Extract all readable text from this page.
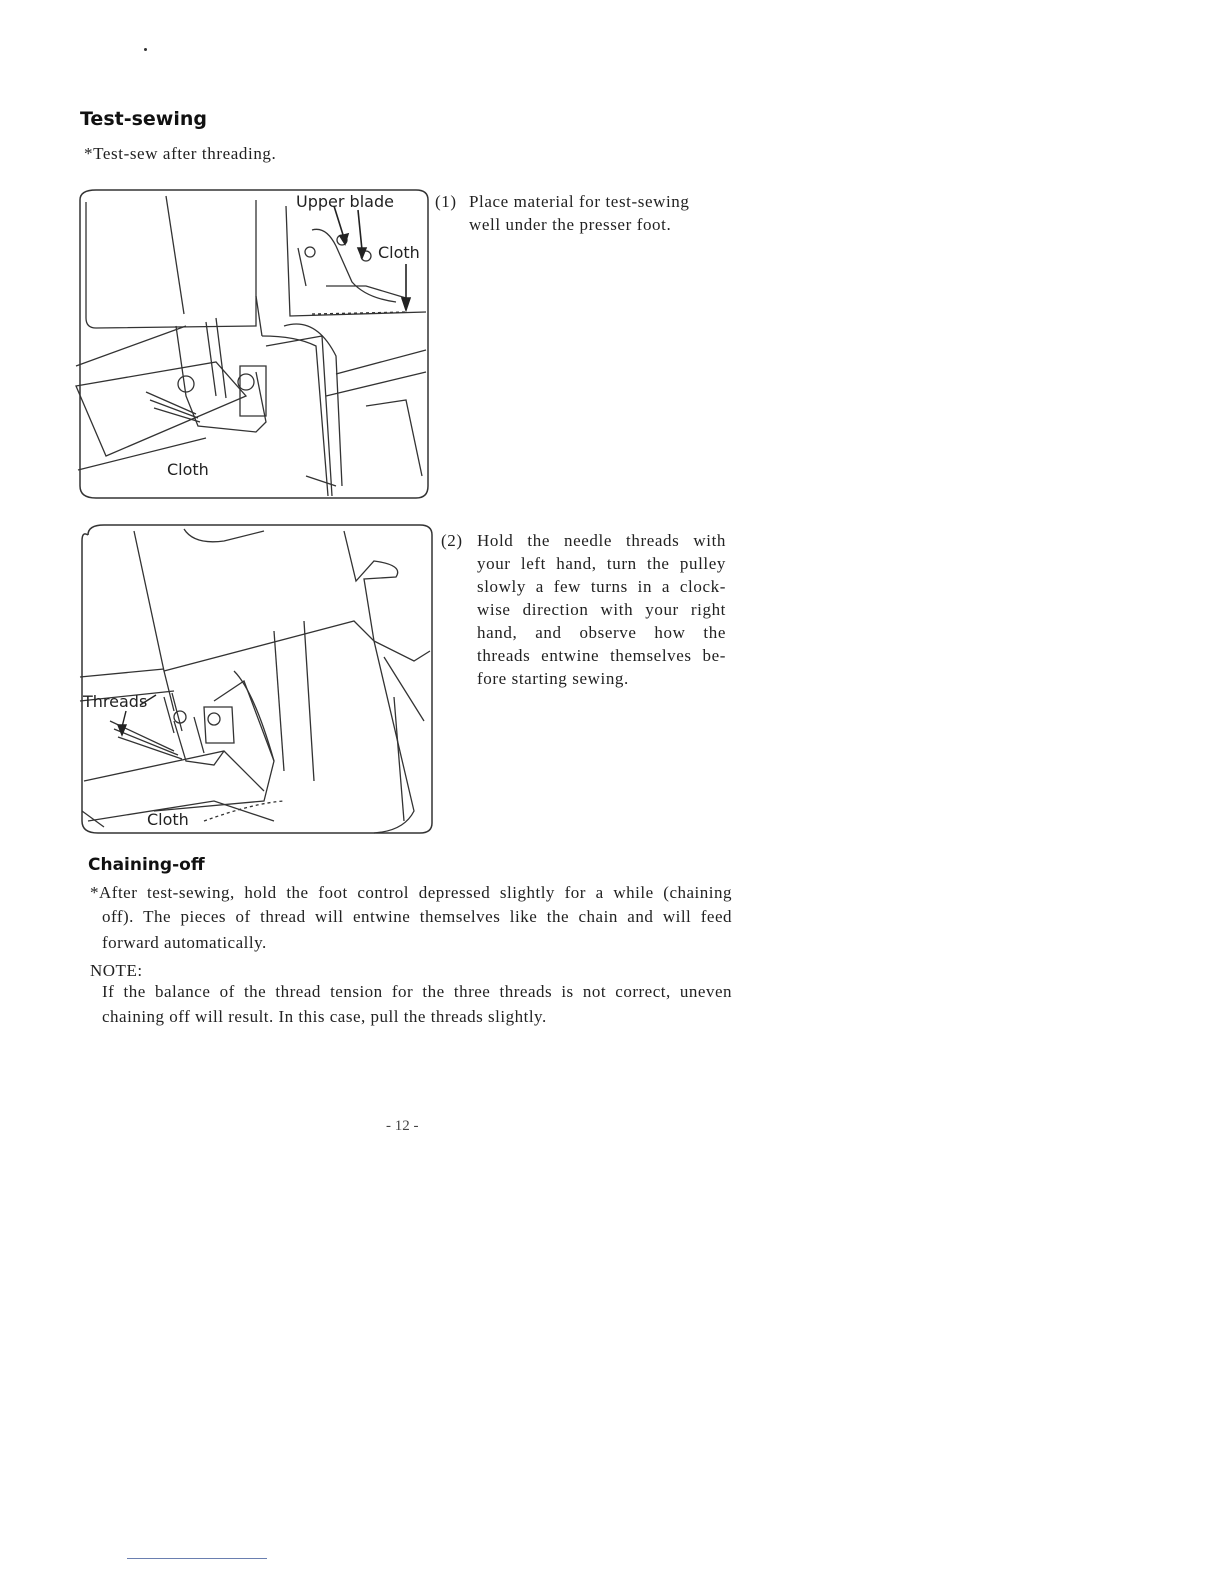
Test-sewing
*Test-sew after threading.
Upper blade
Cloth
Cloth
(1) Place material for test-sewing
well under the presser foot.
Threads
Cloth
(2) Hold the needle threads with
your left hand, turn the pulley
slowly a few turns in a clock-
wise direction with your right
hand, and observe how the
threads entwine themselves be-
fore starting sewing.
Chaining-off
*After test-sewing, hold the foot control depressed slightly for a while (chaining
off). The pieces of thread will entwine themselves like the chain and will feed
forward automatically.
NOTE:
If the balance of the thread tension for the three threads is not correct, uneven
chaining off will result. In this case, pull the threads slightly.
- 12 -
